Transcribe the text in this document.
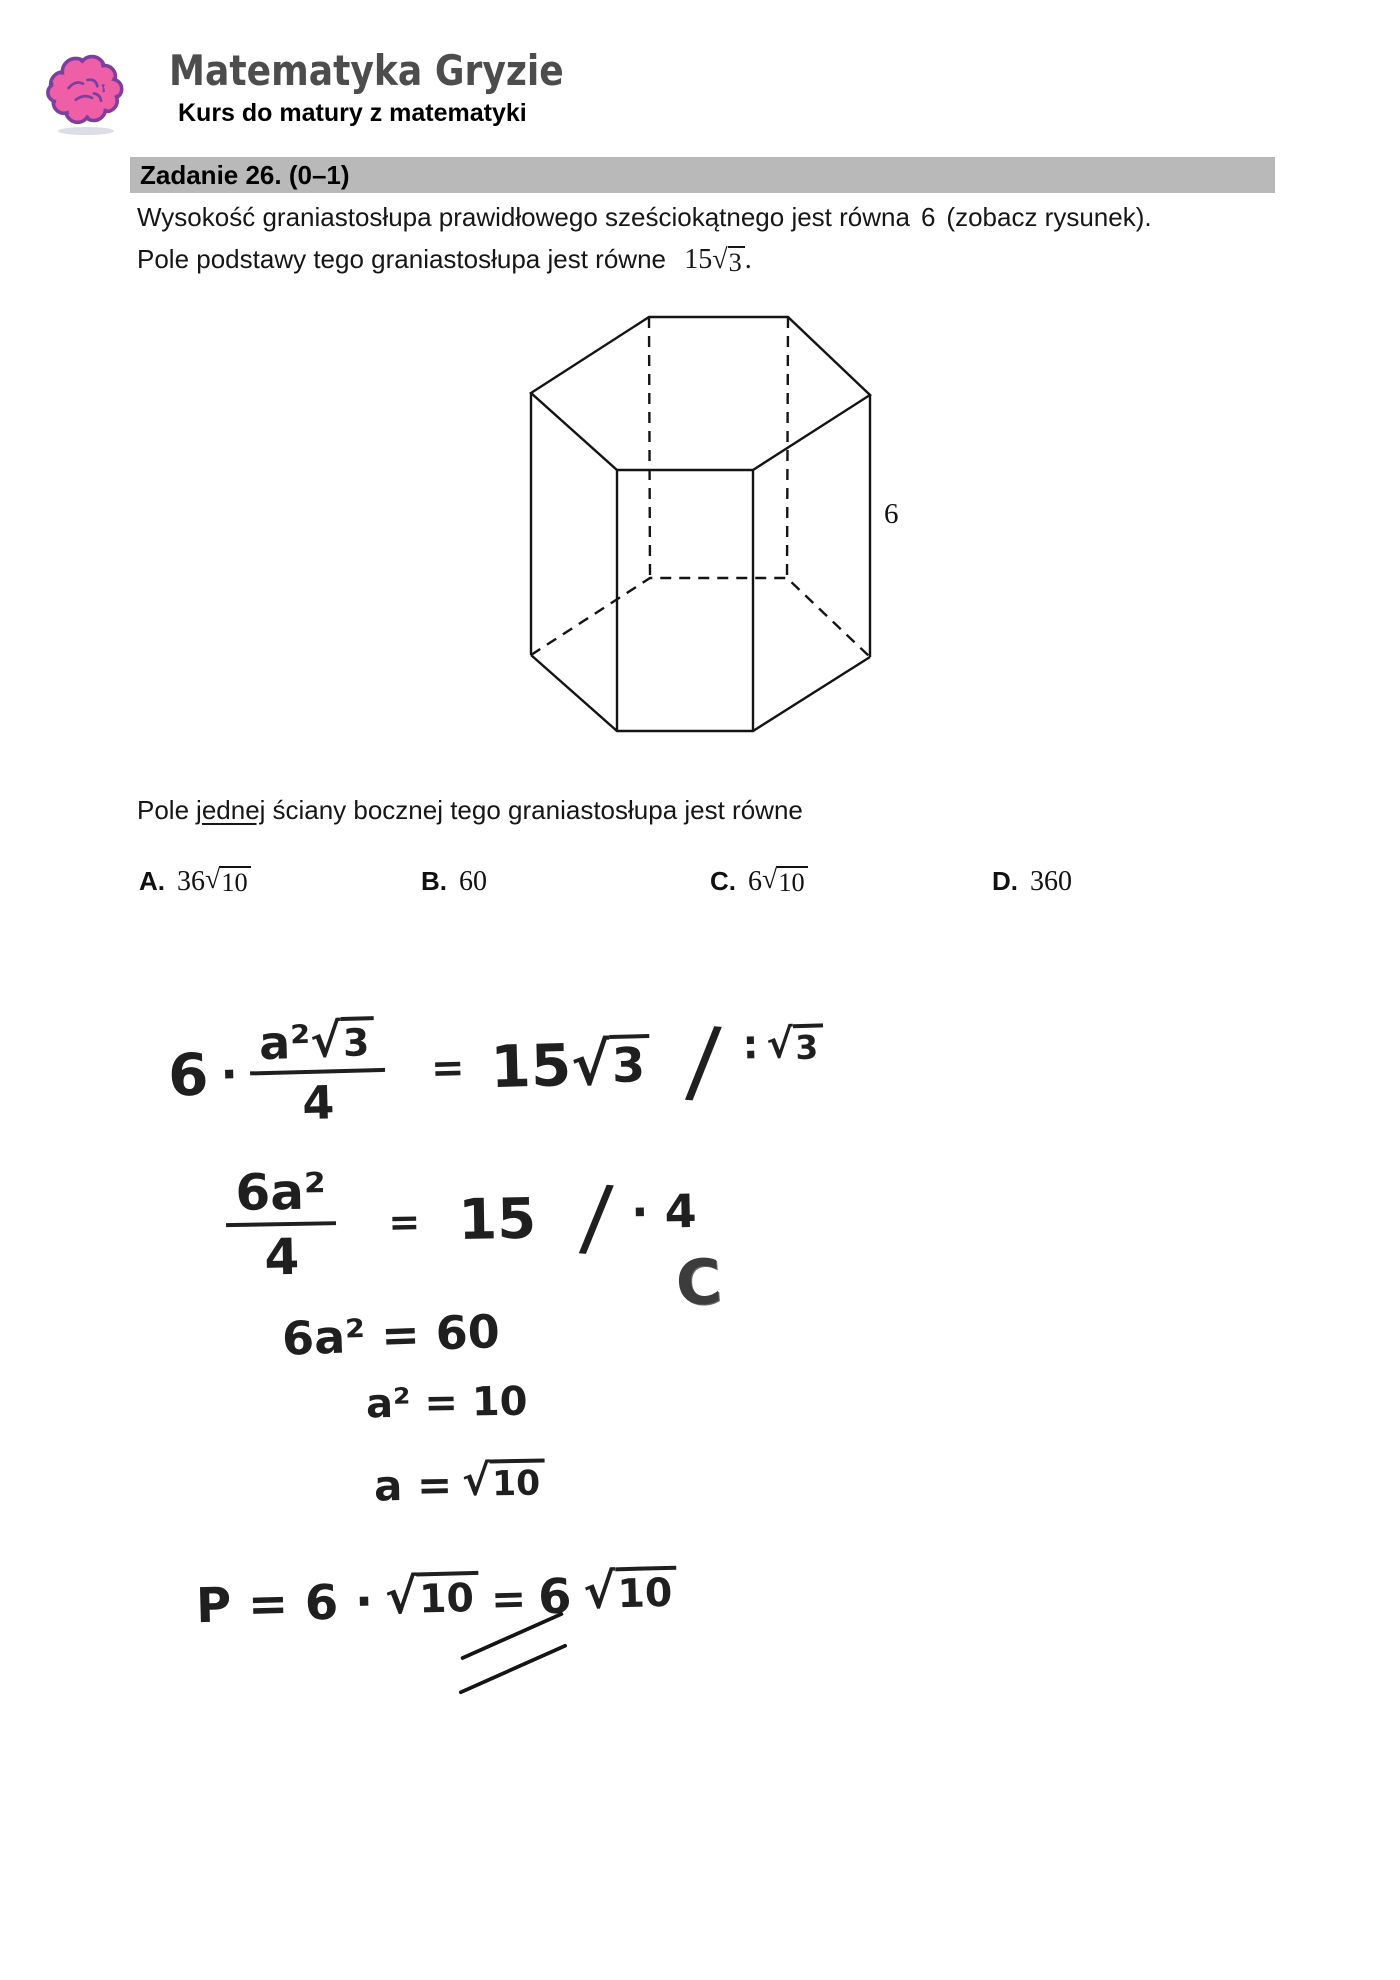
Matematyka Gryzie
Kurs do matury z matematyki
Zadanie 26. (0–1)
Wysokość graniastosłupa prawidłowego sześciokątnego jest równa 6 (zobacz rysunek).
Pole podstawy tego graniastosłupa jest równe 15 √ 3 .
6
Pole jednej ściany bocznej tego graniastosłupa jest równe
A. 36 √ 10	B. 60	C. 6 √ 10	D. 360
6 ·
a²
√ 3
4
= 15
√ 3 / : √ 3
6a²
4
= 15 / · 4
6a² = 60
a² = 10
a = √ 10
P = 6 · √ 10 = 6 √ 10
C
